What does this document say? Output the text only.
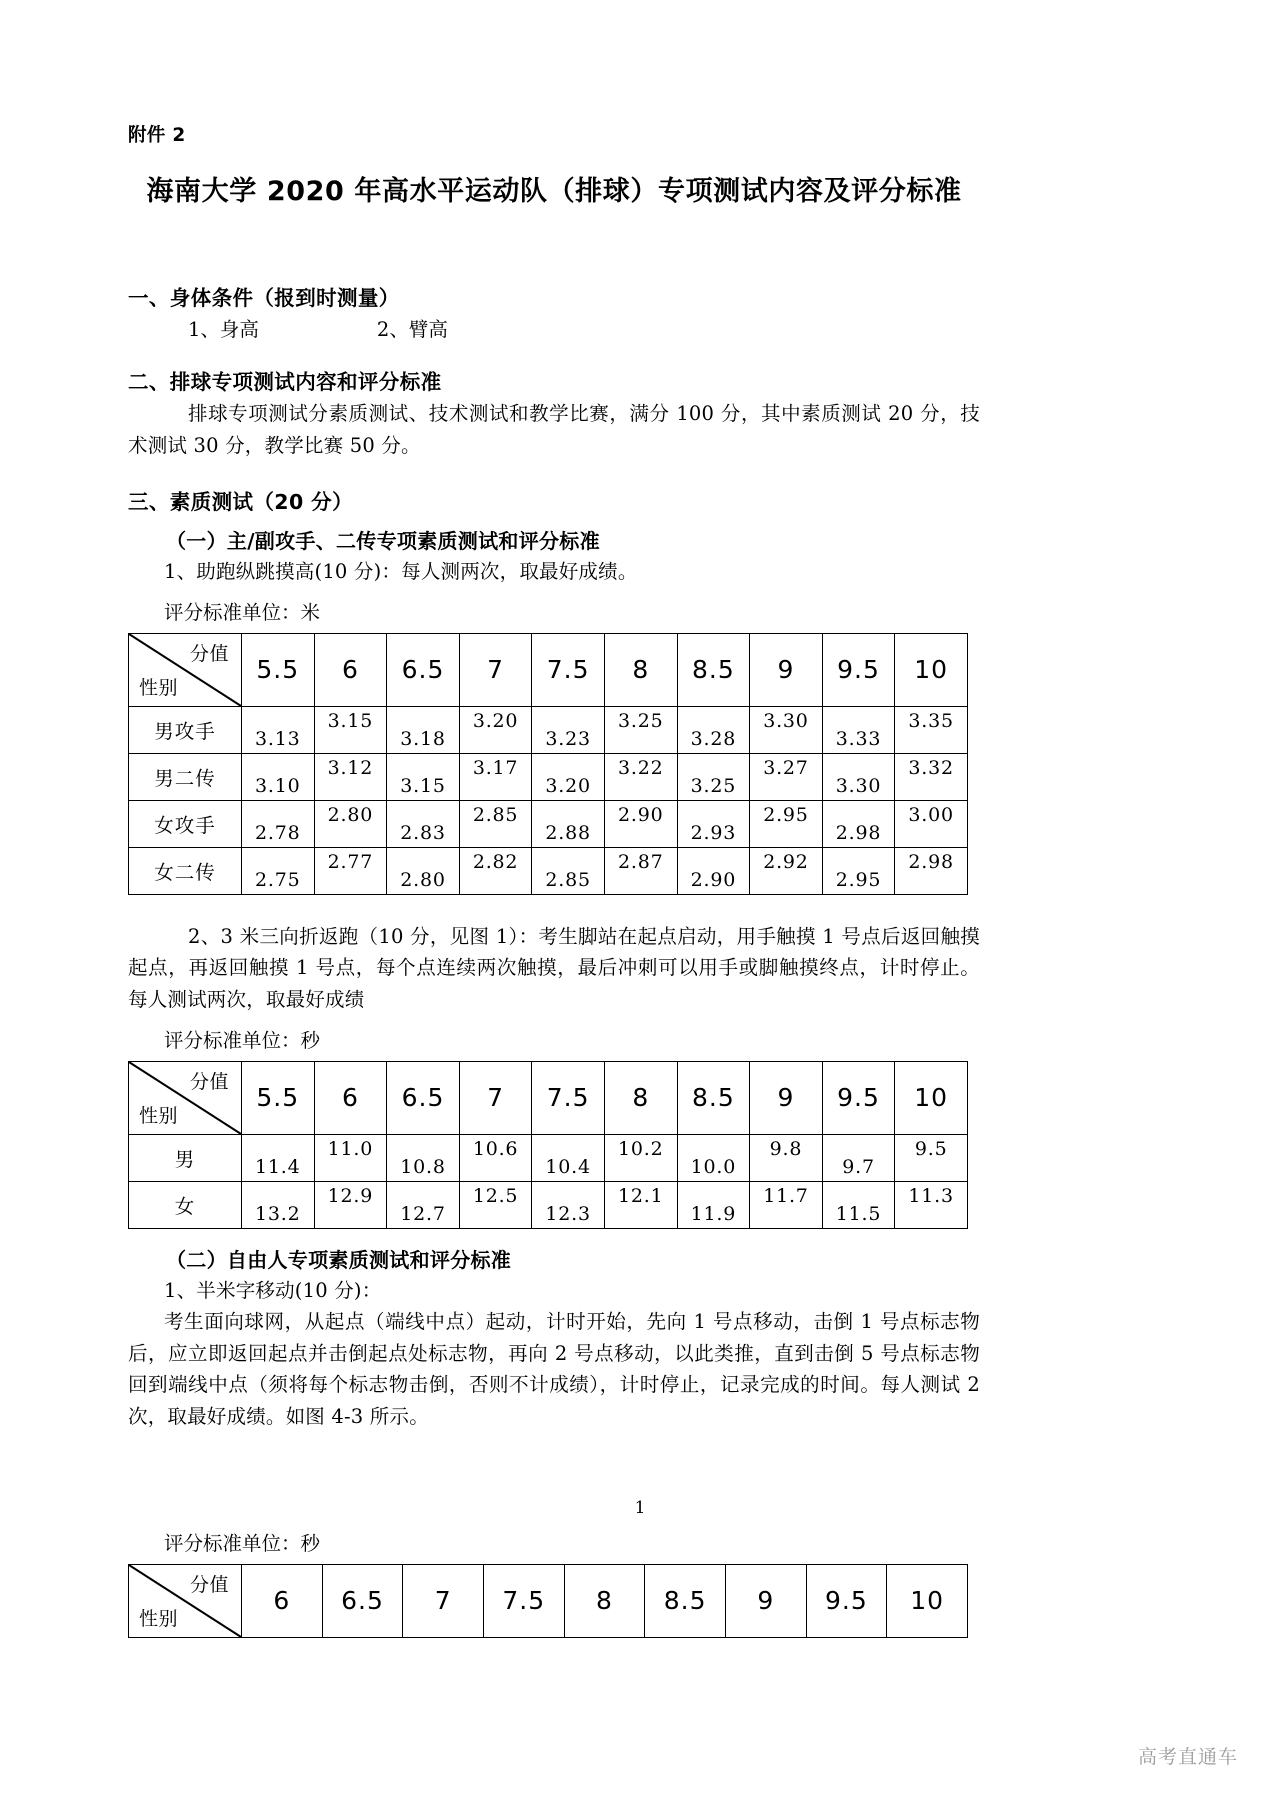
附件 2
海南大学 2020 年高水平运动队（排球）专项测试内容及评分标准
一、身体条件（报到时测量）
1、身高	2、臂高
二、排球专项测试内容和评分标准
排球专项测试分素质测试、技术测试和教学比赛，满分 100 分，其中素质测试 20 分，技术测试 30 分，教学比赛 50 分。
三、素质测试（20 分）
（一）主/副攻手、二传专项素质测试和评分标准
1、助跑纵跳摸高(10 分)：每人测两次，取最好成绩。
评分标准单位：米
分值
性别	5.5	6	6.5	7	7.5	8	8.5	9	9.5	10
男攻手	3.13	3.15	3.18	3.20	3.23	3.25	3.28	3.30	3.33	3.35
男二传	3.10	3.12	3.15	3.17	3.20	3.22	3.25	3.27	3.30	3.32
女攻手	2.78	2.80	2.83	2.85	2.88	2.90	2.93	2.95	2.98	3.00
女二传	2.75	2.77	2.80	2.82	2.85	2.87	2.90	2.92	2.95	2.98
2、3 米三向折返跑（10 分，见图 1）：考生脚站在起点启动，用手触摸 1 号点后返回触摸起点，再返回触摸 1 号点，每个点连续两次触摸，最后冲刺可以用手或脚触摸终点，计时停止。每人测试两次，取最好成绩
评分标准单位：秒
分值
性别	5.5	6	6.5	7	7.5	8	8.5	9	9.5	10
男	11.4	11.0	10.8	10.6	10.4	10.2	10.0	9.8	9.7	9.5
女	13.2	12.9	12.7	12.5	12.3	12.1	11.9	11.7	11.5	11.3
（二）自由人专项素质测试和评分标准
1、半米字移动(10 分)：
考生面向球网，从起点（端线中点）起动，计时开始，先向 1 号点移动，击倒 1 号点标志物后，应立即返回起点并击倒起点处标志物，再向 2 号点移动，以此类推，直到击倒 5 号点标志物回到端线中点（须将每个标志物击倒，否则不计成绩），计时停止，记录完成的时间。每人测试 2 次，取最好成绩。如图 4-3 所示。
评分标准单位：秒
分值
性别
	6	6.5	7	7.5	8	8.5	9	9.5	10
1
高考直通车
